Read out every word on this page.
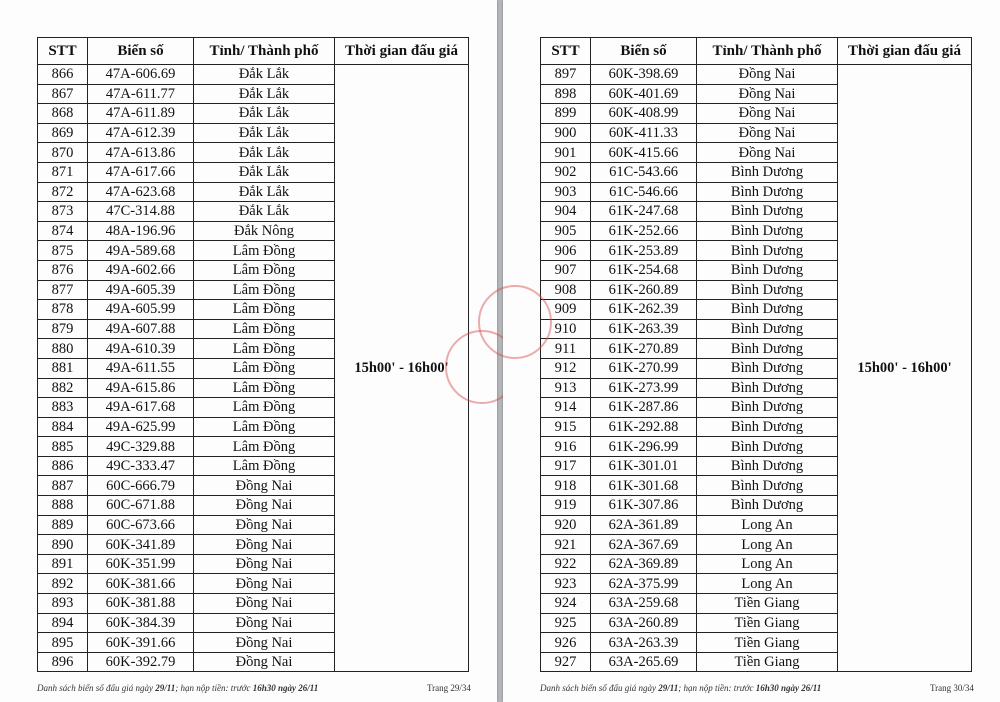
STT	Biển số	Tỉnh/ Thành phố	Thời gian đấu giá
866	47A-606.69	Đắk Lắk	15h00' - 16h00'
867	47A-611.77	Đắk Lắk	
868	47A-611.89	Đắk Lắk	
869	47A-612.39	Đắk Lắk	
870	47A-613.86	Đắk Lắk	
871	47A-617.66	Đắk Lắk	
872	47A-623.68	Đắk Lắk	
873	47C-314.88	Đắk Lắk	
874	48A-196.96	Đắk Nông	
875	49A-589.68	Lâm Đồng	
876	49A-602.66	Lâm Đồng	
877	49A-605.39	Lâm Đồng	
878	49A-605.99	Lâm Đồng	
879	49A-607.88	Lâm Đồng	
880	49A-610.39	Lâm Đồng	
881	49A-611.55	Lâm Đồng	
882	49A-615.86	Lâm Đồng	
883	49A-617.68	Lâm Đồng	
884	49A-625.99	Lâm Đồng	
885	49C-329.88	Lâm Đồng	
886	49C-333.47	Lâm Đồng	
887	60C-666.79	Đồng Nai	
888	60C-671.88	Đồng Nai	
889	60C-673.66	Đồng Nai	
890	60K-341.89	Đồng Nai	
891	60K-351.99	Đồng Nai	
892	60K-381.66	Đồng Nai	
893	60K-381.88	Đồng Nai	
894	60K-384.39	Đồng Nai	
895	60K-391.66	Đồng Nai	
896	60K-392.79	Đồng Nai	
Danh sách biển số đấu giá ngày 29/11; hạn nộp tiền: trước 16h30 ngày 26/11	Trang 29/34
STT	Biển số	Tỉnh/ Thành phố	Thời gian đấu giá
897	60K-398.69	Đồng Nai	15h00' - 16h00'
898	60K-401.69	Đồng Nai	
899	60K-408.99	Đồng Nai	
900	60K-411.33	Đồng Nai	
901	60K-415.66	Đồng Nai	
902	61C-543.66	Bình Dương	
903	61C-546.66	Bình Dương	
904	61K-247.68	Bình Dương	
905	61K-252.66	Bình Dương	
906	61K-253.89	Bình Dương	
907	61K-254.68	Bình Dương	
908	61K-260.89	Bình Dương	
909	61K-262.39	Bình Dương	
910	61K-263.39	Bình Dương	
911	61K-270.89	Bình Dương	
912	61K-270.99	Bình Dương	
913	61K-273.99	Bình Dương	
914	61K-287.86	Bình Dương	
915	61K-292.88	Bình Dương	
916	61K-296.99	Bình Dương	
917	61K-301.01	Bình Dương	
918	61K-301.68	Bình Dương	
919	61K-307.86	Bình Dương	
920	62A-361.89	Long An	
921	62A-367.69	Long An	
922	62A-369.89	Long An	
923	62A-375.99	Long An	
924	63A-259.68	Tiền Giang	
925	63A-260.89	Tiền Giang	
926	63A-263.39	Tiền Giang	
927	63A-265.69	Tiền Giang	
Danh sách biển số đấu giá ngày 29/11; hạn nộp tiền: trước 16h30 ngày 26/11	Trang 30/34
